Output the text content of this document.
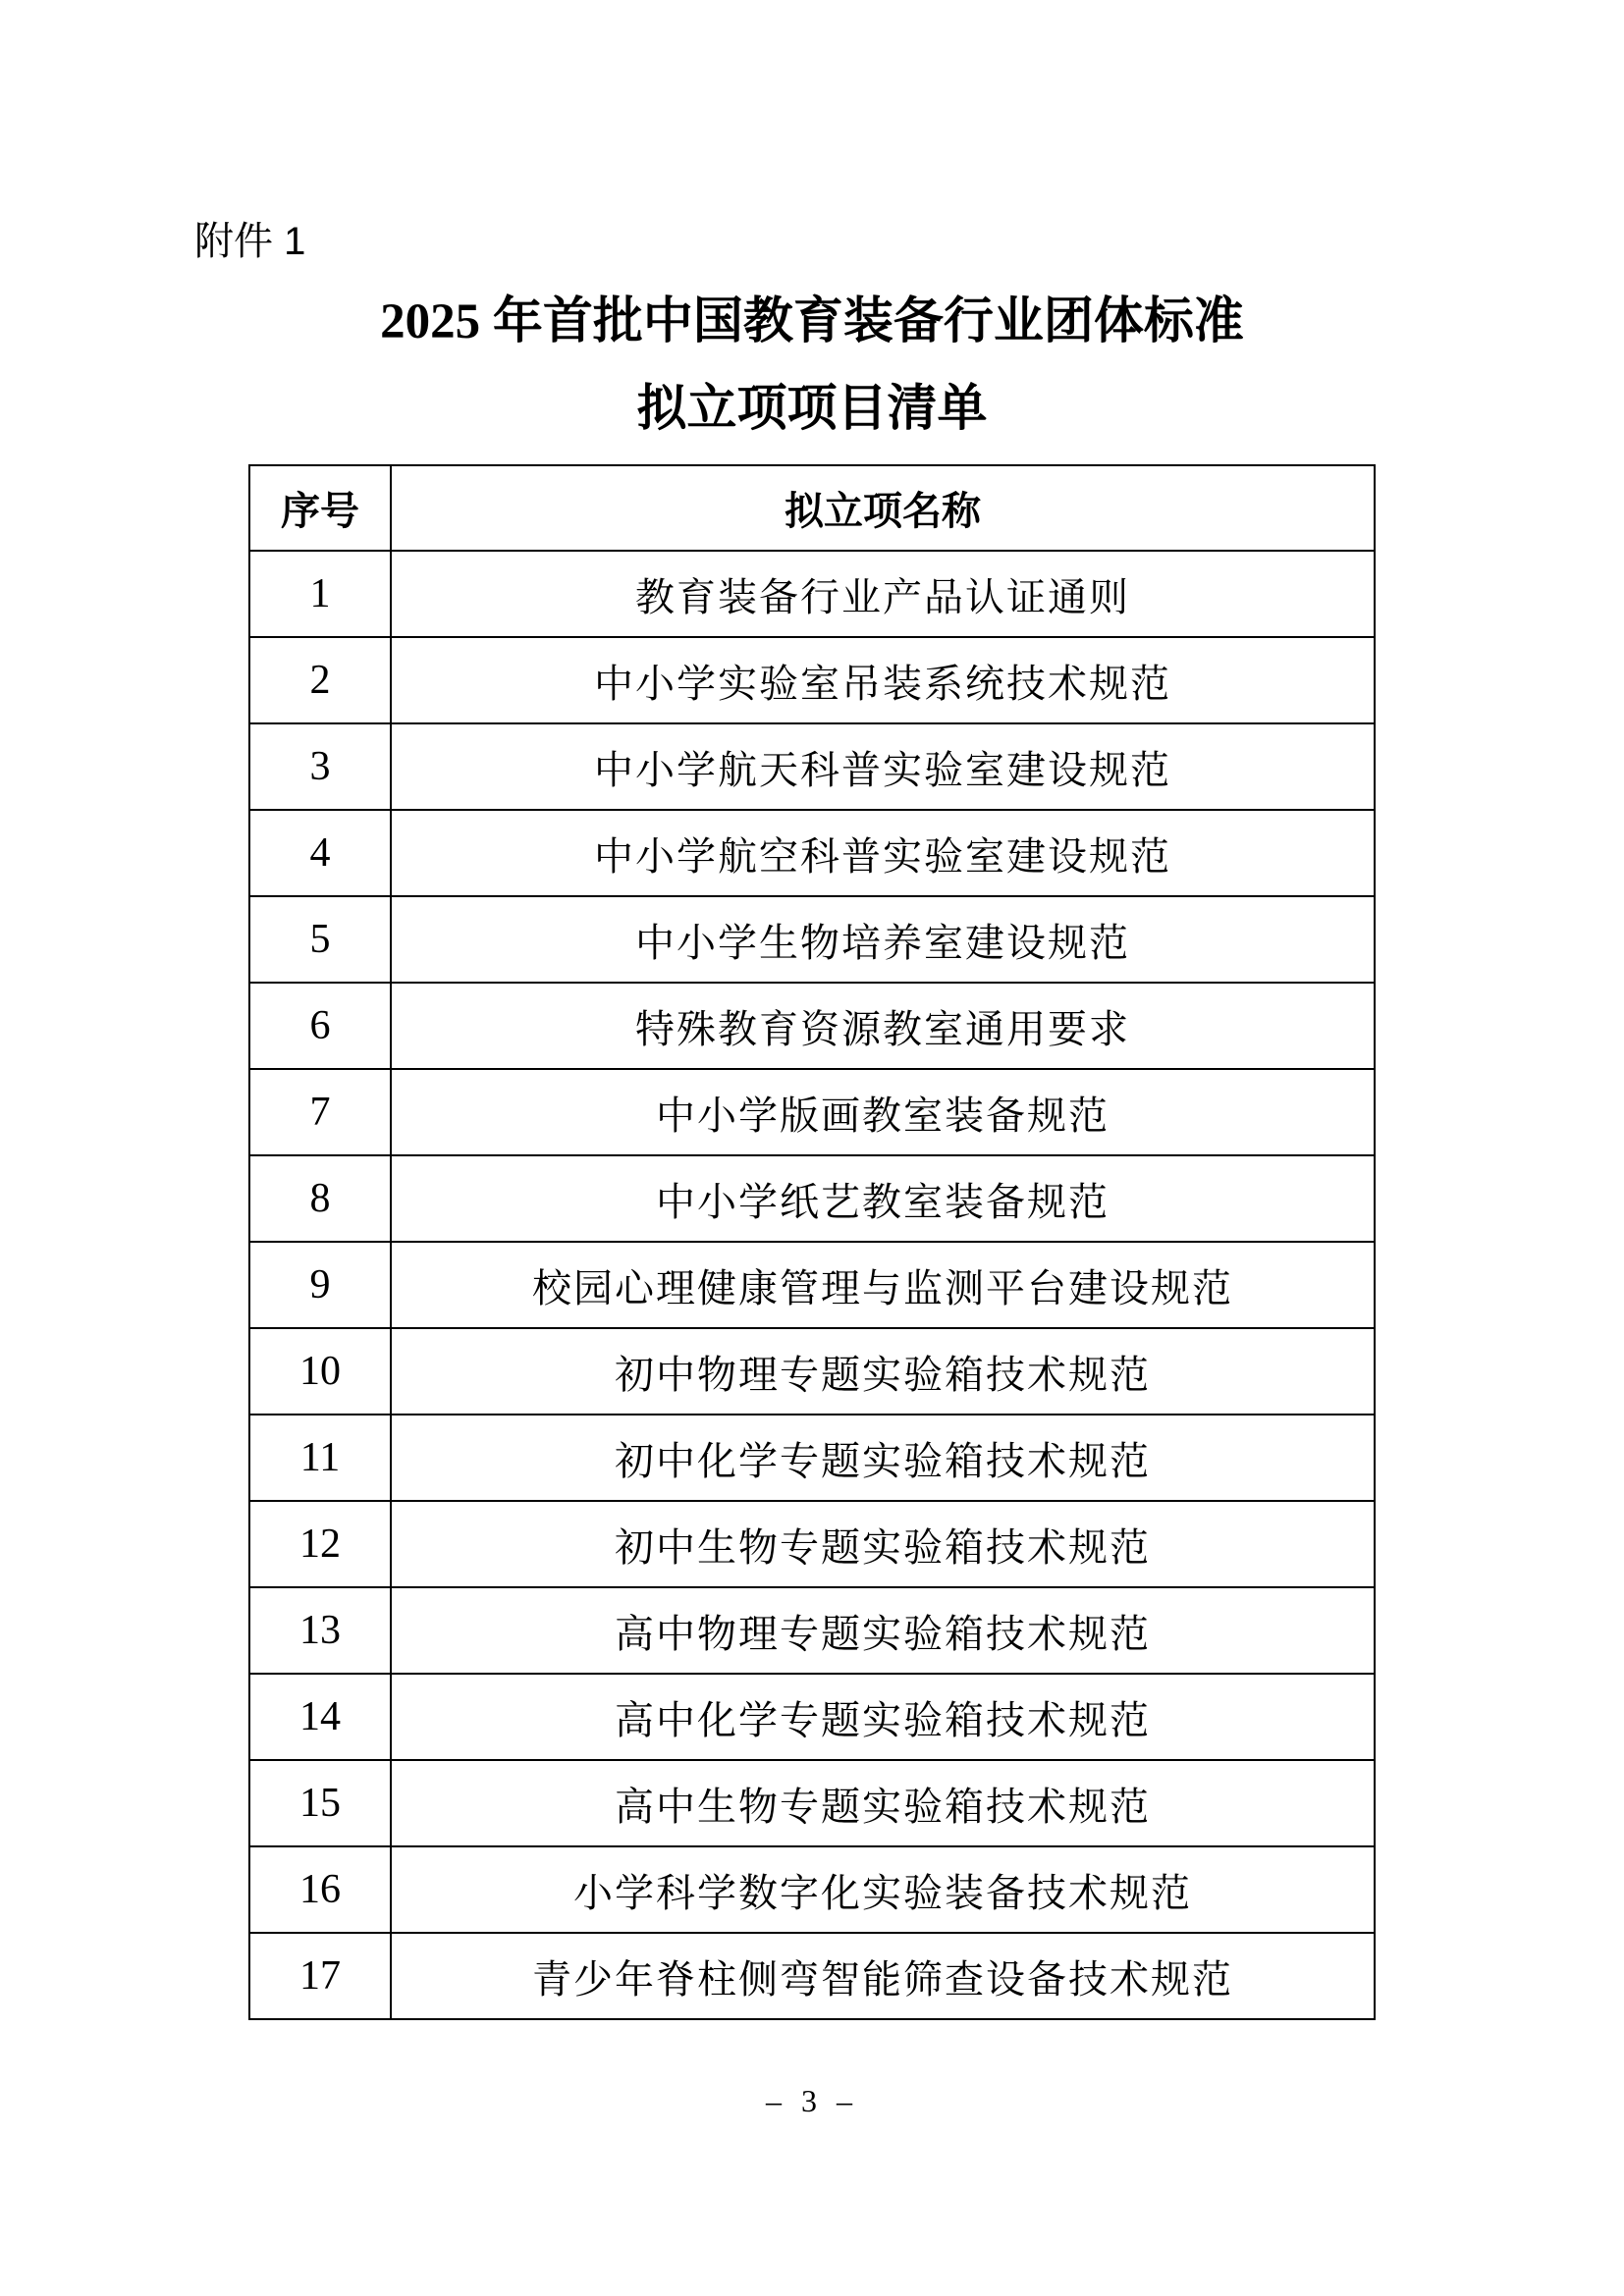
附件 1
2025 年首批中国教育装备行业团体标准
拟立项项目清单
序号	拟立项名称
1	教育装备行业产品认证通则
2	中小学实验室吊装系统技术规范
3	中小学航天科普实验室建设规范
4	中小学航空科普实验室建设规范
5	中小学生物培养室建设规范
6	特殊教育资源教室通用要求
7	中小学版画教室装备规范
8	中小学纸艺教室装备规范
9	校园心理健康管理与监测平台建设规范
10	初中物理专题实验箱技术规范
11	初中化学专题实验箱技术规范
12	初中生物专题实验箱技术规范
13	高中物理专题实验箱技术规范
14	高中化学专题实验箱技术规范
15	高中生物专题实验箱技术规范
16	小学科学数字化实验装备技术规范
17	青少年脊柱侧弯智能筛查设备技术规范
– 3 –
